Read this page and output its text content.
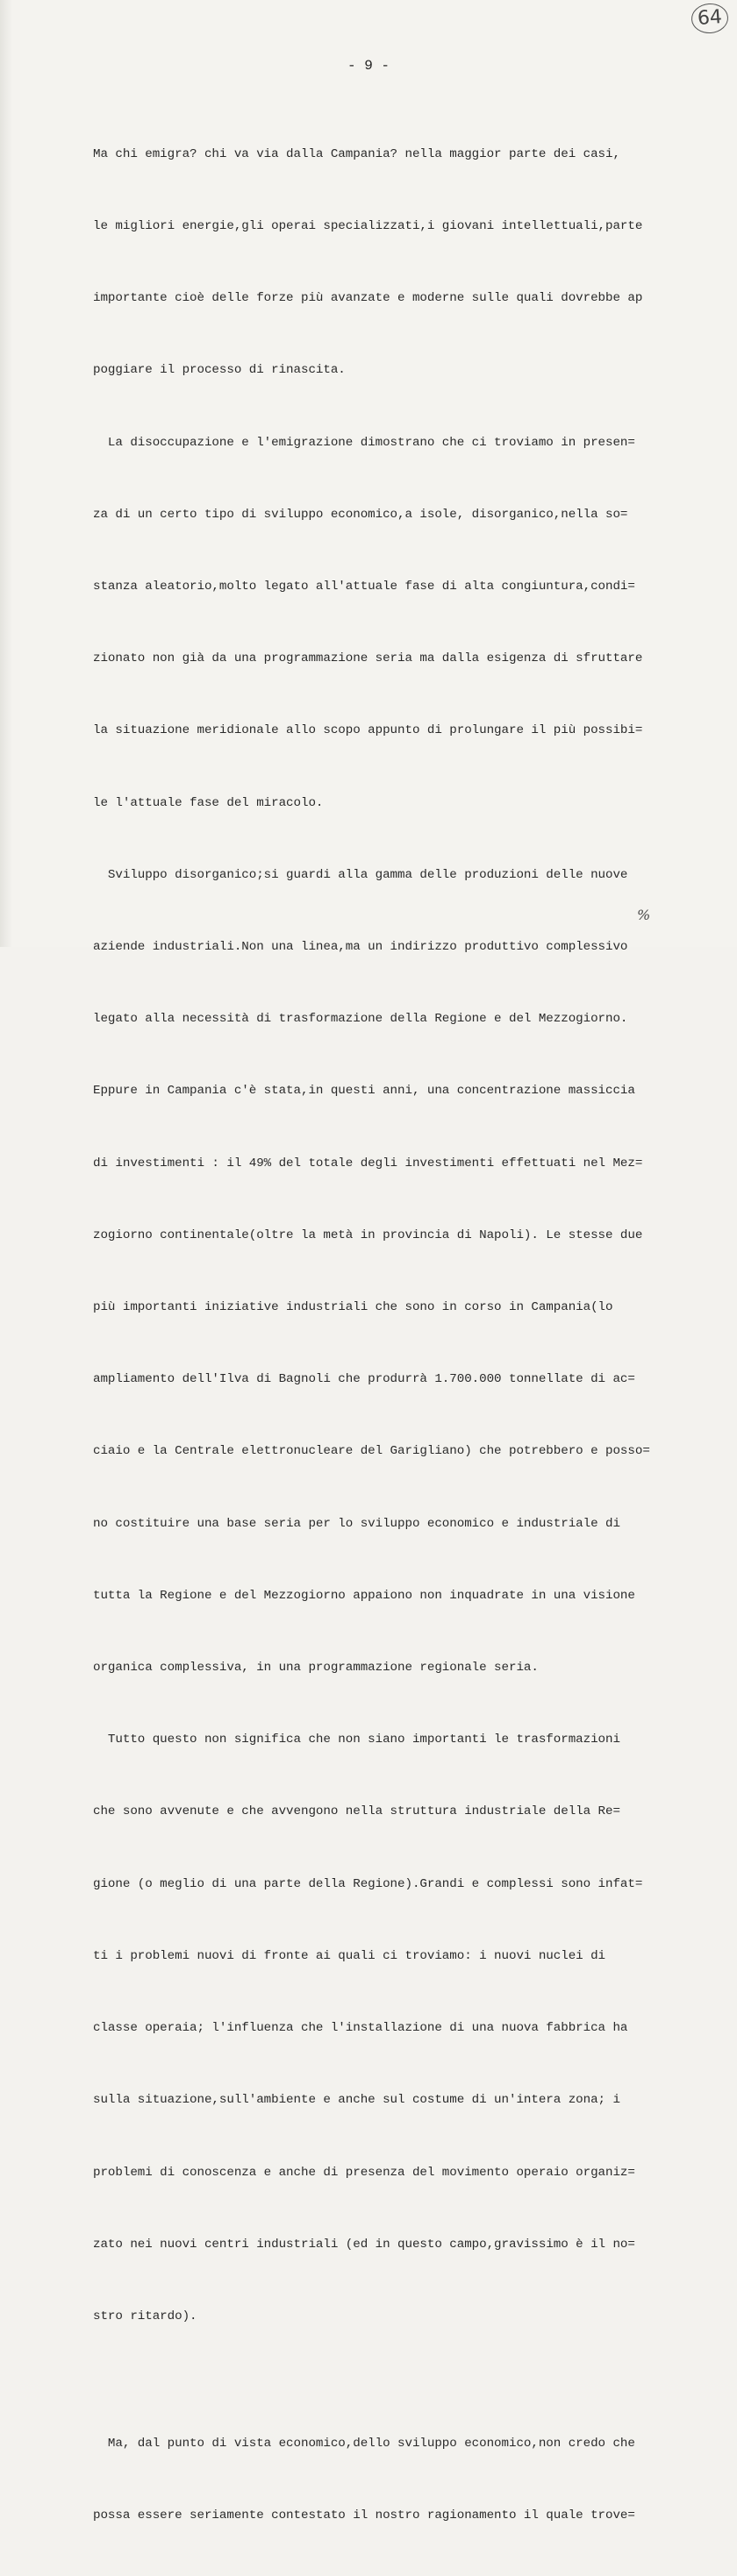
64
- 9 -

Ma chi emigra? chi va via dalla Campania? nella maggior parte dei casi,

le migliori energie,gli operai specializzati,i giovani intellettuali,parte

importante cioè delle forze più avanzate e moderne sulle quali dovrebbe ap

poggiare il processo di rinascita.

La disoccupazione e l'emigrazione dimostrano che ci troviamo in presen=

za di un certo tipo di sviluppo economico,a isole, disorganico,nella so=

stanza aleatorio,molto legato all'attuale fase di alta congiuntura,condi=

zionato non già da una programmazione seria ma dalla esigenza di sfruttare

la situazione meridionale allo scopo appunto di prolungare il più possibi=

le l'attuale fase del miracolo.

Sviluppo disorganico;si guardi alla gamma delle produzioni delle nuove

aziende industriali.Non una linea,ma un indirizzo produttivo complessivo

legato alla necessità di trasformazione della Regione e del Mezzogiorno.

Eppure in Campania c'è stata,in questi anni, una concentrazione massiccia

di investimenti : il 49% del totale degli investimenti effettuati nel Mez=

zogiorno continentale(oltre la metà in provincia di Napoli). Le stesse due

più importanti iniziative industriali che sono in corso in Campania(lo

ampliamento dell'Ilva di Bagnoli che produrrà 1.700.000 tonnellate di ac=

ciaio e la Centrale elettronucleare del Garigliano) che potrebbero e posso=

no costituire una base seria per lo sviluppo economico e industriale di

tutta la Regione e del Mezzogiorno appaiono non inquadrate in una visione

organica complessiva, in una programmazione regionale seria.

Tutto questo non significa che non siano importanti le trasformazioni

che sono avvenute e che avvengono nella struttura industriale della Re=

gione (o meglio di una parte della Regione).Grandi e complessi sono infat=

ti i problemi nuovi di fronte ai quali ci troviamo: i nuovi nuclei di

classe operaia; l'influenza che l'installazione di una nuova fabbrica ha

sulla situazione,sull'ambiente e anche sul costume di un'intera zona; i

problemi di conoscenza e anche di presenza del movimento operaio organiz=

zato nei nuovi centri industriali (ed in questo campo,gravissimo è il no=

stro ritardo).

Ma, dal punto di vista economico,dello sviluppo economico,non credo che

possa essere seriamente contestato il nostro ragionamento il quale trove=

%
